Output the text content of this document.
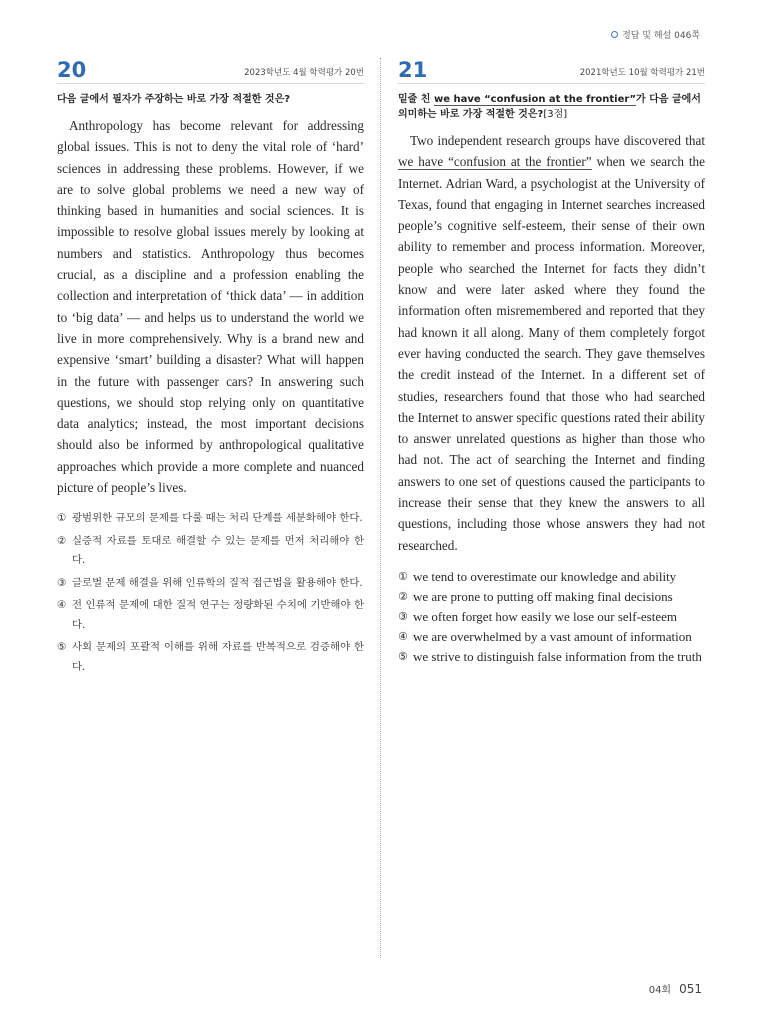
정답 및 해설 046쪽
20	2023학년도 4월 학력평가 20번
다음 글에서 필자가 주장하는 바로 가장 적절한 것은?

Anthropology has become relevant for addressing global issues. This is not to deny the vital role of ‘hard’ sciences in addressing these problems. However, if we are to solve global problems we need a new way of thinking based in humanities and social sciences. It is impossible to resolve global issues merely by looking at numbers and statistics. Anthropology thus becomes crucial, as a discipline and a profession enabling the collection and interpretation of ‘thick data’ — in addition to ‘big data’ — and helps us to understand the world we live in more comprehensively. Why is a brand new and expensive ‘smart’ building a disaster? What will happen in the future with passenger cars? In answering such questions, we should stop relying only on quantitative data analytics; instead, the most important decisions should also be informed by anthropological qualitative approaches which provide a more complete and nuanced picture of people’s lives.

① 광범위한 규모의 문제를 다룰 때는 처리 단계를 세분화해야 한다.
② 실증적 자료를 토대로 해결할 수 있는 문제를 먼저 처리해야 한다.
③ 글로벌 문제 해결을 위해 인류학의 질적 접근법을 활용해야 한다.
④ 전 인류적 문제에 대한 질적 연구는 정량화된 수치에 기반해야 한다.
⑤ 사회 문제의 포괄적 이해를 위해 자료를 반복적으로 검증해야 한다.
21	2021학년도 10월 학력평가 21번
밑줄 친 we have “confusion at the frontier”가 다음 글에서 의미하는 바로 가장 적절한 것은?[3점]

Two independent research groups have discovered that we have “confusion at the frontier” when we search the Internet. Adrian Ward, a psychologist at the University of Texas, found that engaging in Internet searches increased people’s cognitive self-esteem, their sense of their own ability to remember and process information. Moreover, people who searched the Internet for facts they didn’t know and were later asked where they found the information often misremembered and reported that they had known it all along. Many of them completely forgot ever having conducted the search. They gave themselves the credit instead of the Internet. In a different set of studies, researchers found that those who had searched the Internet to answer specific questions rated their ability to answer unrelated questions as higher than those who had not. The act of searching the Internet and finding answers to one set of questions caused the participants to increase their sense that they knew the answers to all questions, including those whose answers they had not researched.

① we tend to overestimate our knowledge and ability
② we are prone to putting off making final decisions
③ we often forget how easily we lose our self-esteem
④ we are overwhelmed by a vast amount of information
⑤ we strive to distinguish false information from the truth
04회 051
